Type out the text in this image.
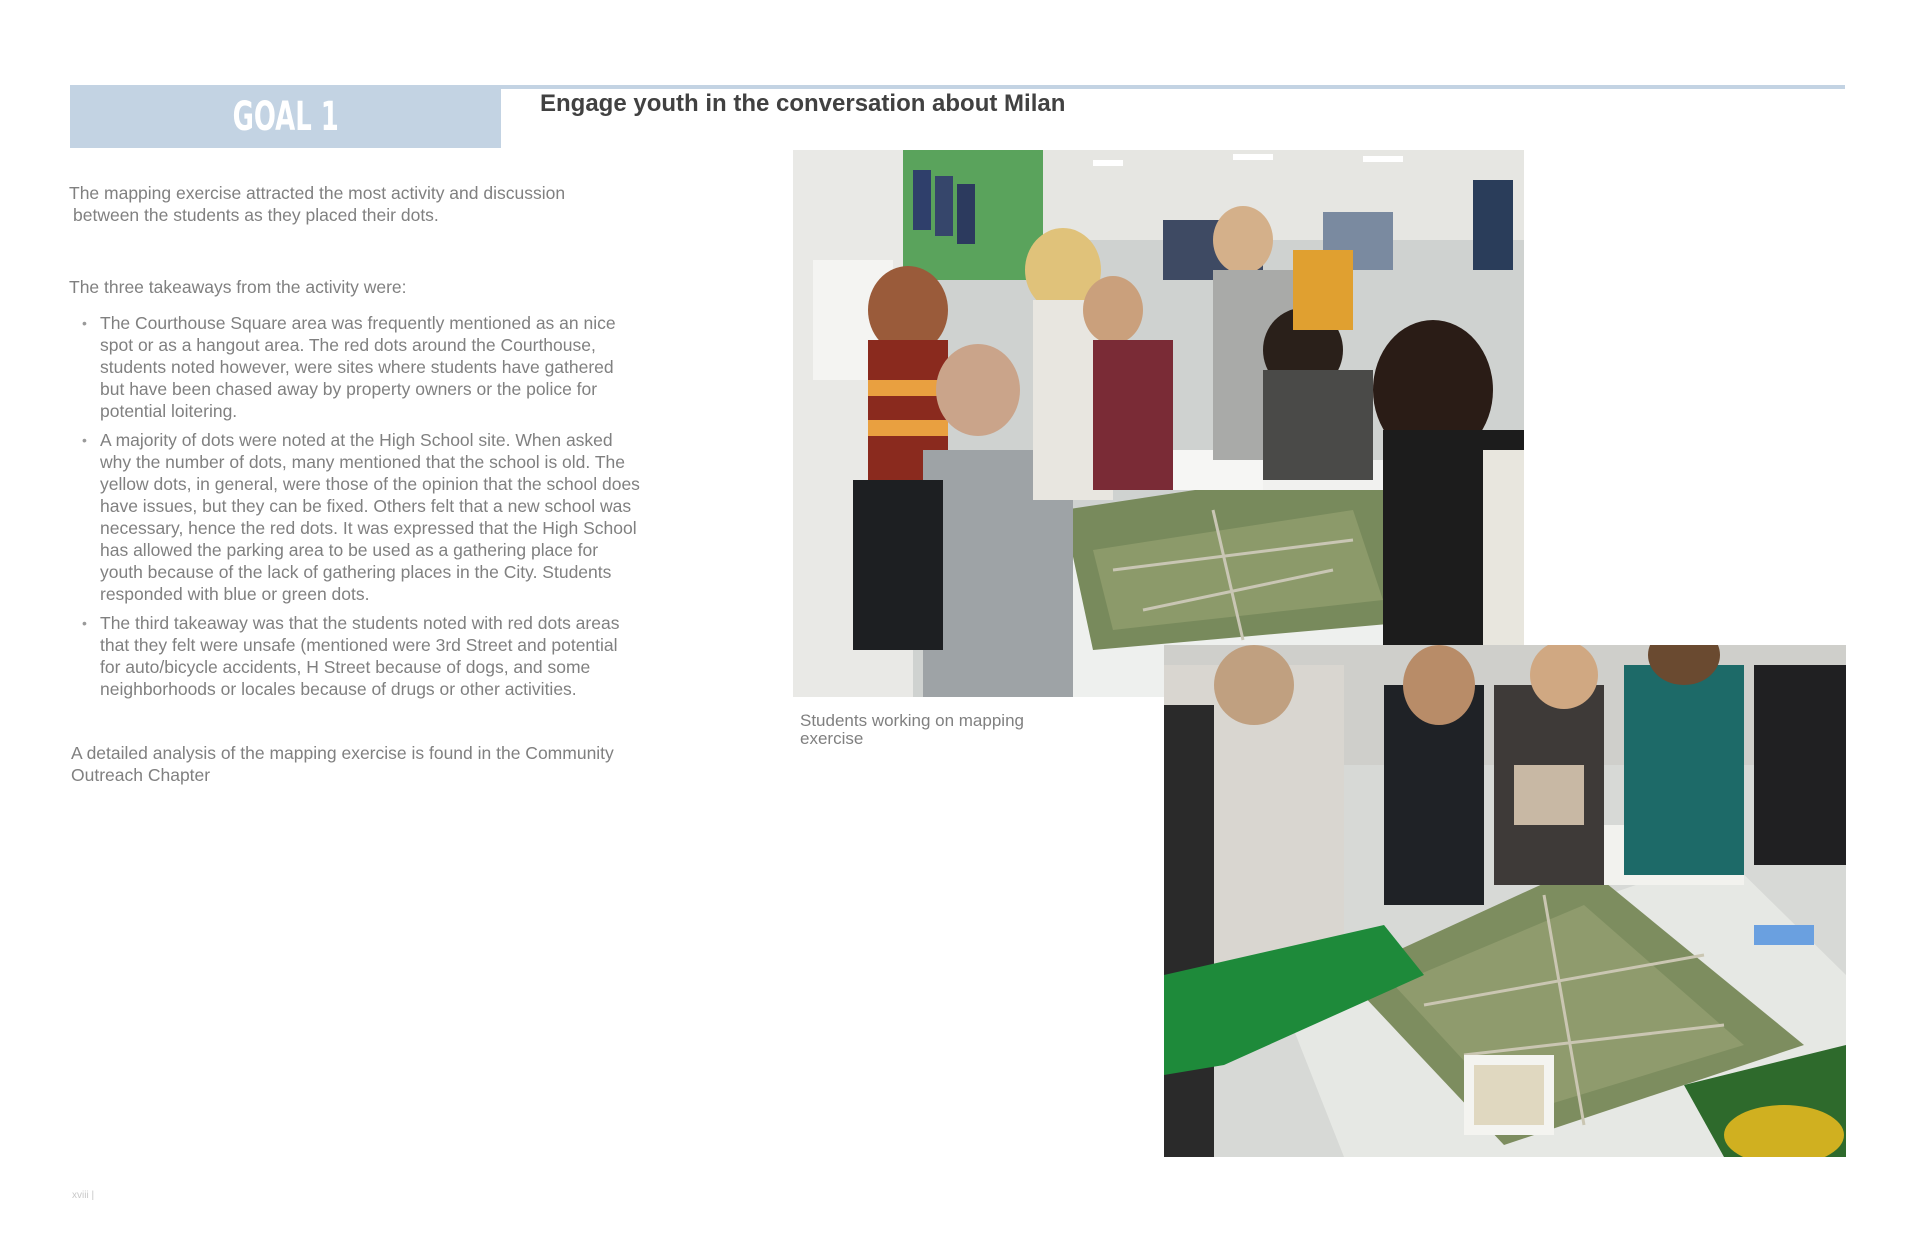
GOAL 1	Engage youth in the conversation about Milan
The mapping exercise attracted the most activity and discussion
between the students as they placed their dots.
The three takeaways from the activity were:
• The Courthouse Square area was frequently mentioned as an nice spot or as a hangout area. The red dots around the Courthouse, students noted however, were sites where students have gathered but have been chased away by property owners or the police for potential loitering.
• A majority of dots were noted at the High School site. When asked why the number of dots, many mentioned that the school is old. The yellow dots, in general, were those of the opinion that the school does have issues, but they can be fixed. Others felt that a new school was necessary, hence the red dots. It was expressed that the High School has allowed the parking area to be used as a gathering place for youth because of the lack of gathering places in the City. Students responded with blue or green dots.
• The third takeaway was that the students noted with red dots areas that they felt were unsafe (mentioned were 3rd Street and potential for auto/bicycle accidents, H Street because of dogs, and some neighborhoods or locales because of drugs or other activities.
A detailed analysis of the mapping exercise is found in the Community Outreach Chapter
Students working on mapping
exercise
xviii |
